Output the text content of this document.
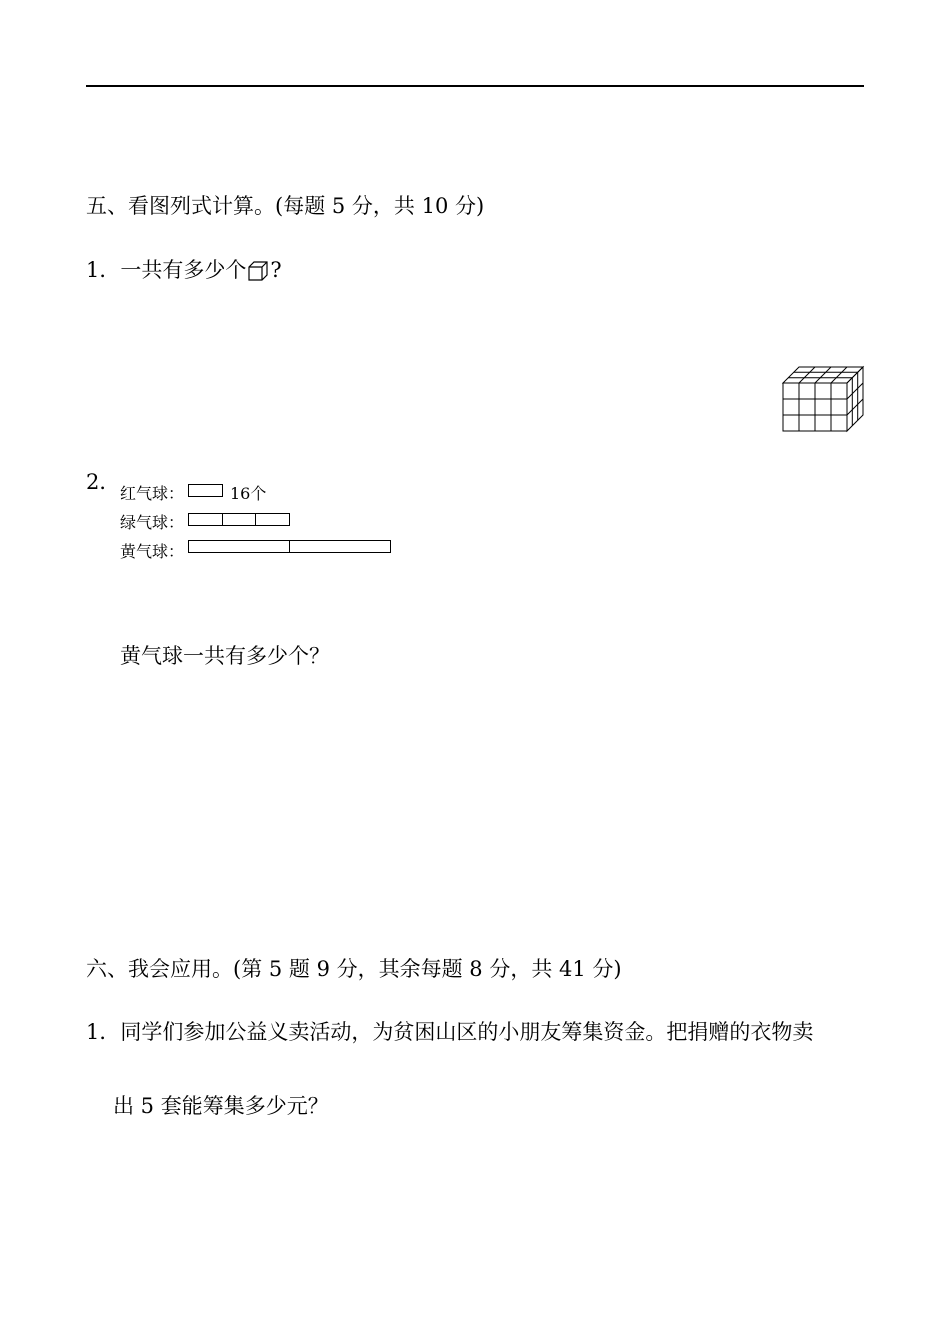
五、看图列式计算。(每题 5 分，共 10 分)
1．一共有多少个 ?
2． 红气球：	16个
绿气球：
黄气球：
黄气球一共有多少个？
六、我会应用。(第 5 题 9 分，其余每题 8 分，共 41 分)
1．同学们参加公益义卖活动，为贫困山区的小朋友筹集资金。把捐赠的衣物卖
出 5 套能筹集多少元？
